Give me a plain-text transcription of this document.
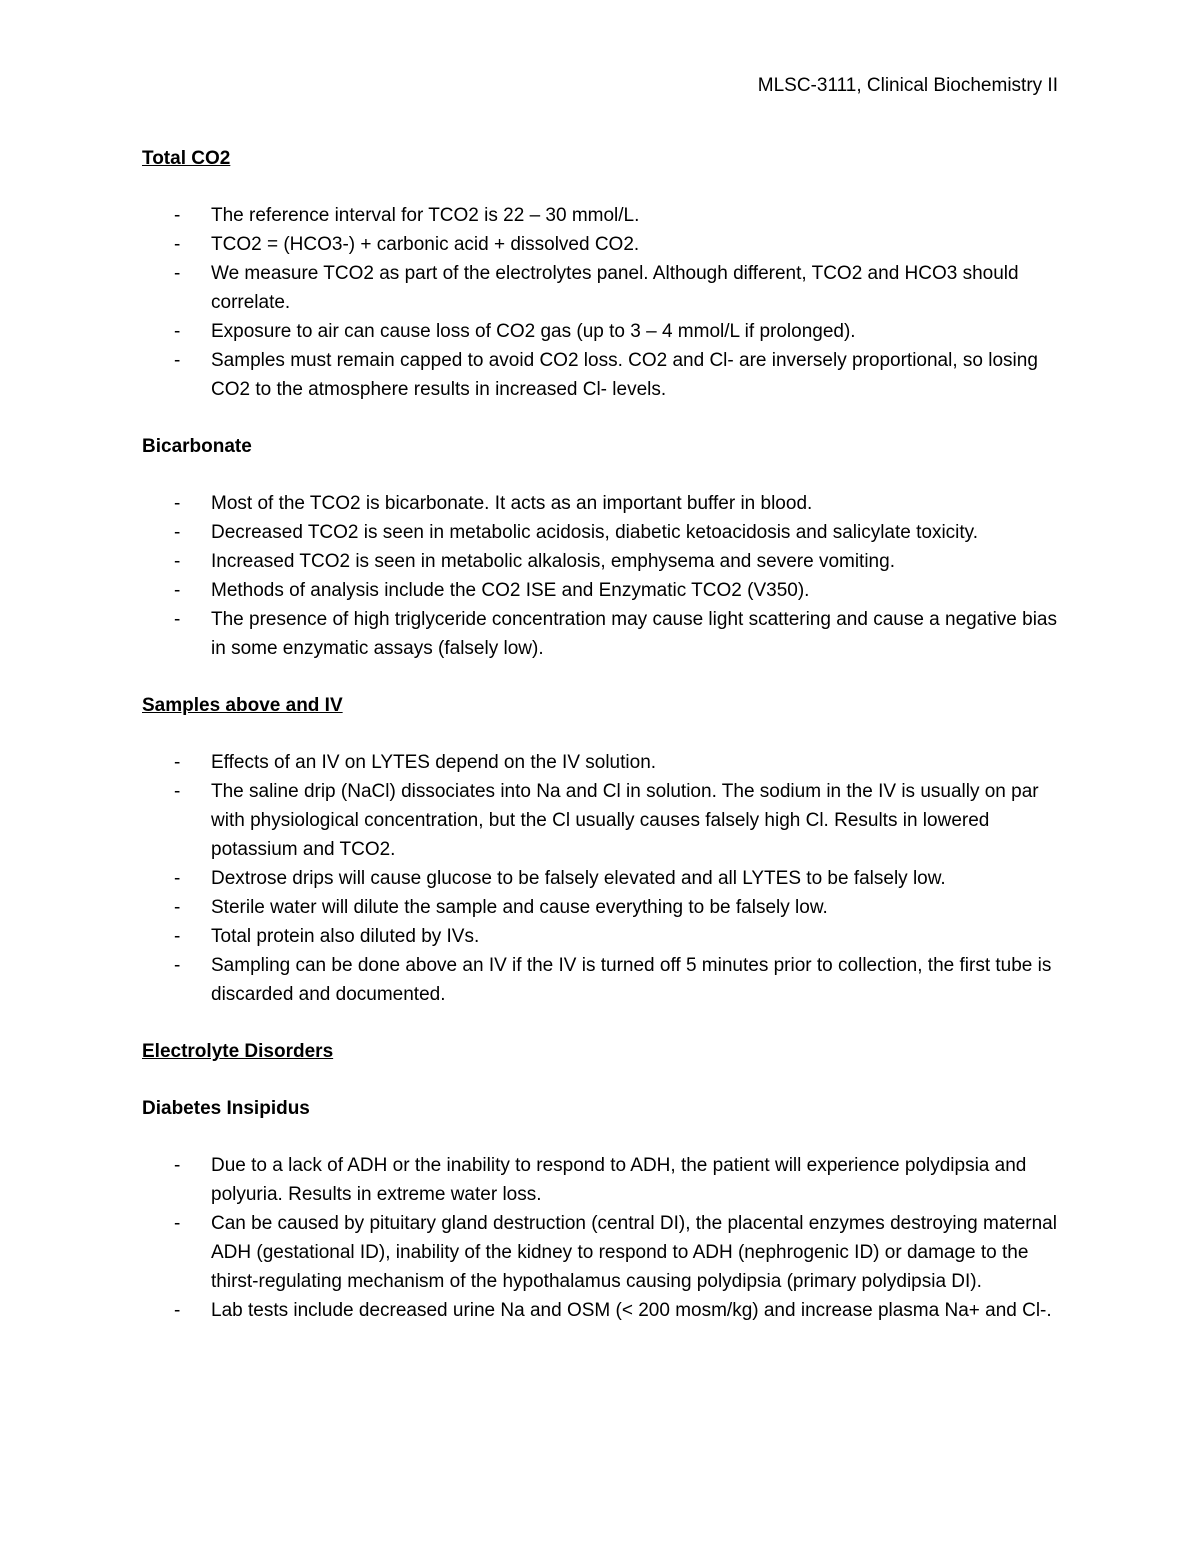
MLSC-3111, Clinical Biochemistry II
Total CO2
- The reference interval for TCO2 is 22 – 30 mmol/L.
- TCO2 = (HCO3-) + carbonic acid + dissolved CO2.
- We measure TCO2 as part of the electrolytes panel. Although different, TCO2 and HCO3 should correlate.
- Exposure to air can cause loss of CO2 gas (up to 3 – 4 mmol/L if prolonged).
- Samples must remain capped to avoid CO2 loss. CO2 and Cl- are inversely proportional, so losing CO2 to the atmosphere results in increased Cl- levels.
Bicarbonate
- Most of the TCO2 is bicarbonate. It acts as an important buffer in blood.
- Decreased TCO2 is seen in metabolic acidosis, diabetic ketoacidosis and salicylate toxicity.
- Increased TCO2 is seen in metabolic alkalosis, emphysema and severe vomiting.
- Methods of analysis include the CO2 ISE and Enzymatic TCO2 (V350).
- The presence of high triglyceride concentration may cause light scattering and cause a negative bias in some enzymatic assays (falsely low).
Samples above and IV
- Effects of an IV on LYTES depend on the IV solution.
- The saline drip (NaCl) dissociates into Na and Cl in solution. The sodium in the IV is usually on par with physiological concentration, but the Cl usually causes falsely high Cl. Results in lowered potassium and TCO2.
- Dextrose drips will cause glucose to be falsely elevated and all LYTES to be falsely low.
- Sterile water will dilute the sample and cause everything to be falsely low.
- Total protein also diluted by IVs.
- Sampling can be done above an IV if the IV is turned off 5 minutes prior to collection, the first tube is discarded and documented.
Electrolyte Disorders
Diabetes Insipidus
- Due to a lack of ADH or the inability to respond to ADH, the patient will experience polydipsia and polyuria. Results in extreme water loss.
- Can be caused by pituitary gland destruction (central DI), the placental enzymes destroying maternal ADH (gestational ID), inability of the kidney to respond to ADH (nephrogenic ID) or damage to the thirst-regulating mechanism of the hypothalamus causing polydipsia (primary polydipsia DI).
- Lab tests include decreased urine Na and OSM (< 200 mosm/kg) and increase plasma Na+ and Cl-.
